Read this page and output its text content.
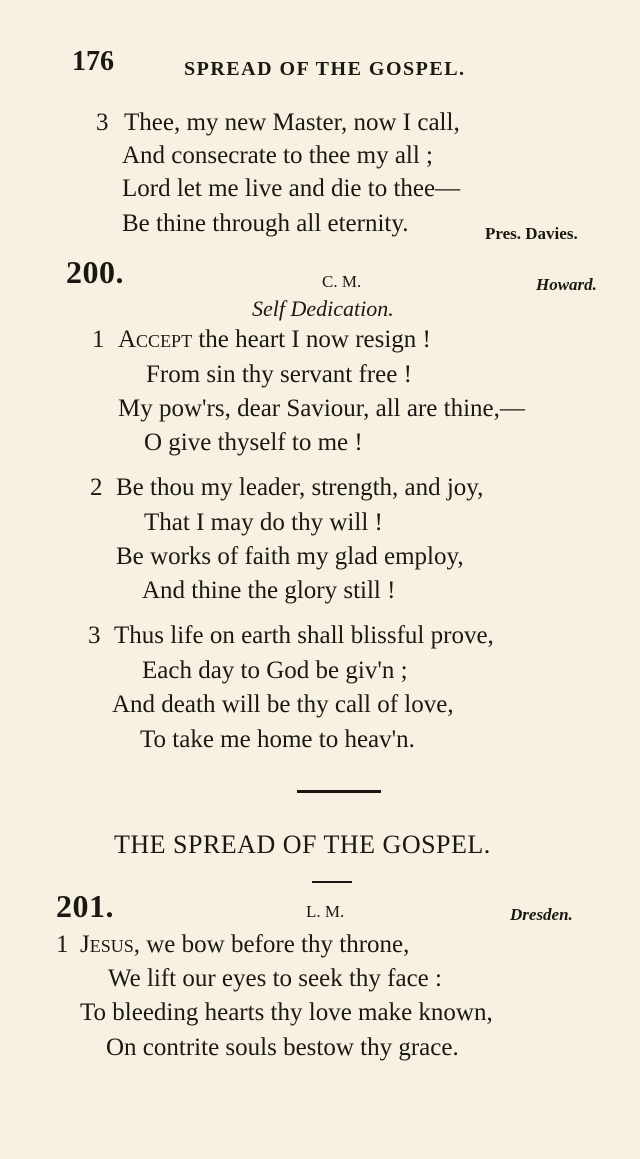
176	SPREAD OF THE GOSPEL.
3 Thee, my new Master, now I call,
And consecrate to thee my all ;
Lord let me live and die to thee—
Be thine through all eternity.	Pres. Davies.
200.	C. M.	Howard.
Self Dedication.
1 Accept the heart I now resign !
From sin thy servant free !
My pow'rs, dear Saviour, all are thine,—
O give thyself to me !
2 Be thou my leader, strength, and joy,
That I may do thy will !
Be works of faith my glad employ,
And thine the glory still !
3 Thus life on earth shall blissful prove,
Each day to God be giv'n ;
And death will be thy call of love,
To take me home to heav'n.
THE SPREAD OF THE GOSPEL.
201.	L. M.	Dresden.
1 Jesus, we bow before thy throne,
We lift our eyes to seek thy face :
To bleeding hearts thy love make known,
On contrite souls bestow thy grace.
